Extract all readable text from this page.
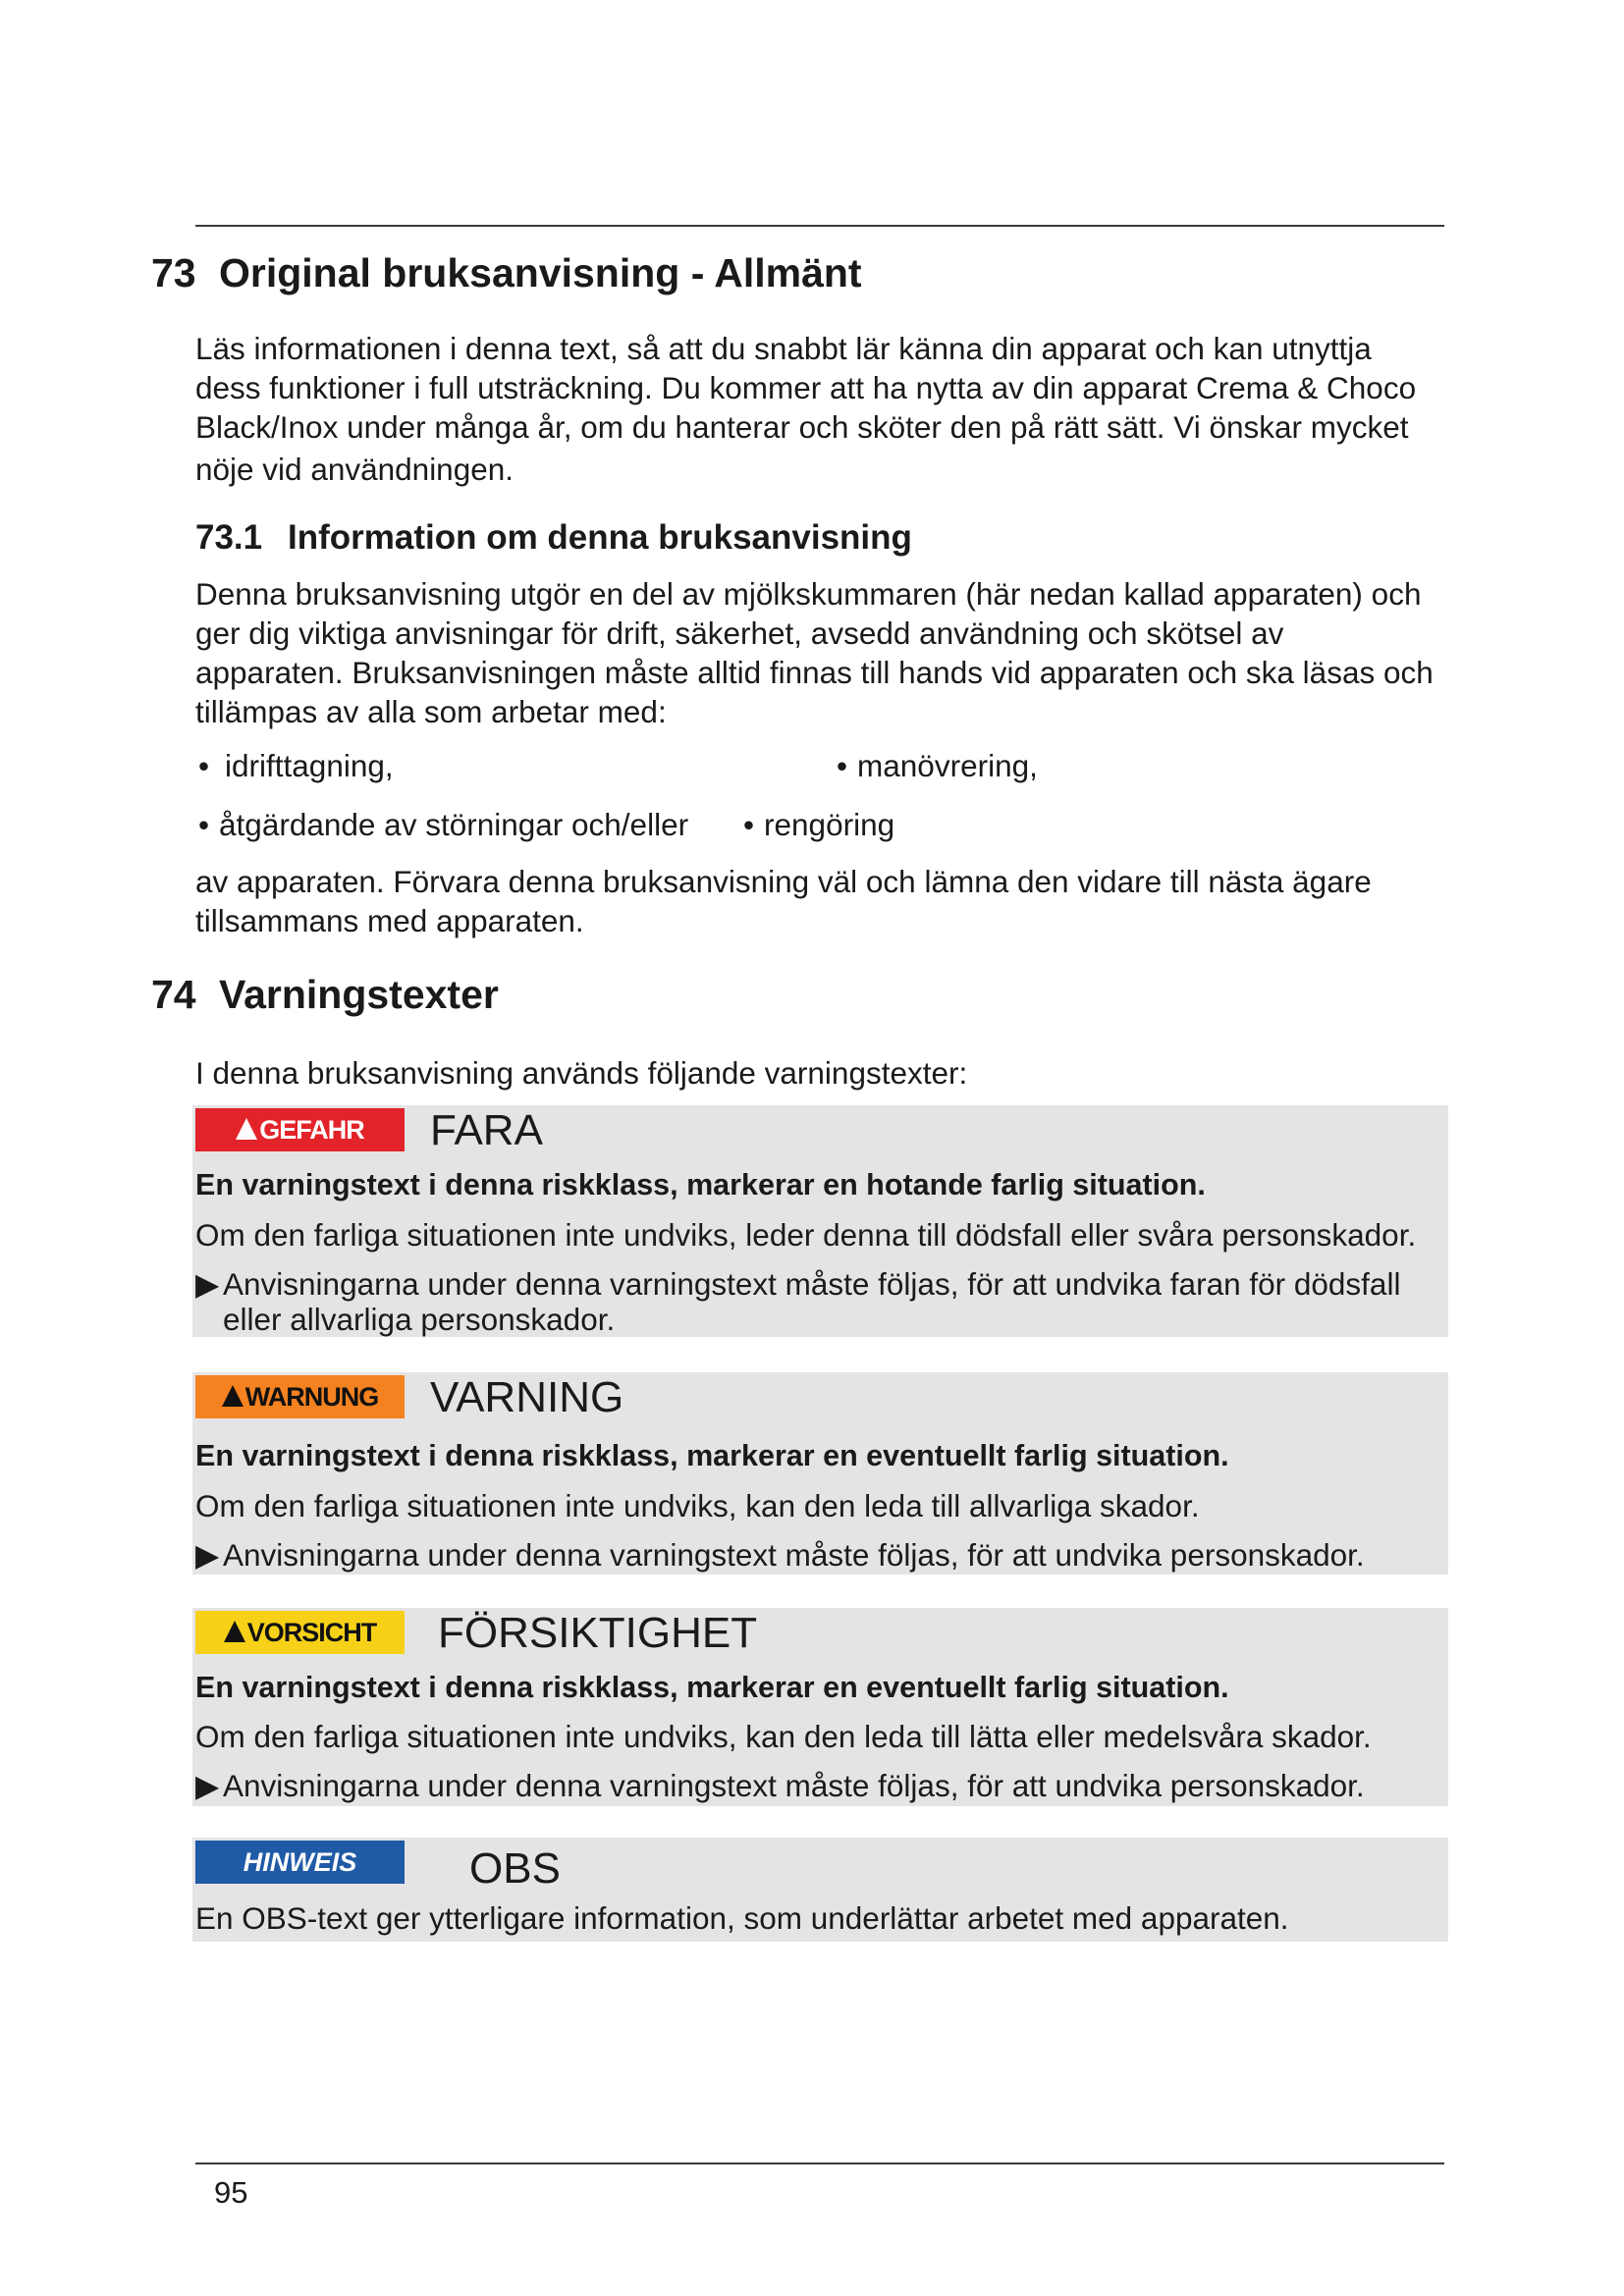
73 Original bruksanvisning - Allmänt
Läs informationen i denna text, så att du snabbt lär känna din apparat och kan utnyttja
dess funktioner i full utsträckning. Du kommer att ha nytta av din apparat Crema & Choco
Black/Inox under många år, om du hanterar och sköter den på rätt sätt. Vi önskar mycket
nöje vid användningen.
73.1 Information om denna bruksanvisning
Denna bruksanvisning utgör en del av mjölkskummaren (här nedan kallad apparaten) och
ger dig viktiga anvisningar för drift, säkerhet, avsedd användning och skötsel av
apparaten. Bruksanvisningen måste alltid finnas till hands vid apparaten och ska läsas och
tillämpas av alla som arbetar med:
• idrifttagning,	• manövrering,
• åtgärdande av störningar och/eller • rengöring
av apparaten. Förvara denna bruksanvisning väl och lämna den vidare till nästa ägare
tillsammans med apparaten.
74 Varningstexter
I denna bruksanvisning används följande varningstexter:
GEFAHR	FARA
En varningstext i denna riskklass, markerar en hotande farlig situation.
Om den farliga situationen inte undviks, leder denna till dödsfall eller svåra personskador.
▶ Anvisningarna under denna varningstext måste följas, för att undvika faran för dödsfall
eller allvarliga personskador.
WARNUNG	VARNING
En varningstext i denna riskklass, markerar en eventuellt farlig situation.
Om den farliga situationen inte undviks, kan den leda till allvarliga skador.
▶ Anvisningarna under denna varningstext måste följas, för att undvika personskador.
VORSICHT	FÖRSIKTIGHET
En varningstext i denna riskklass, markerar en eventuellt farlig situation.
Om den farliga situationen inte undviks, kan den leda till lätta eller medelsvåra skador.
▶ Anvisningarna under denna varningstext måste följas, för att undvika personskador.
HINWEIS	OBS
En OBS-text ger ytterligare information, som underlättar arbetet med apparaten.
95
